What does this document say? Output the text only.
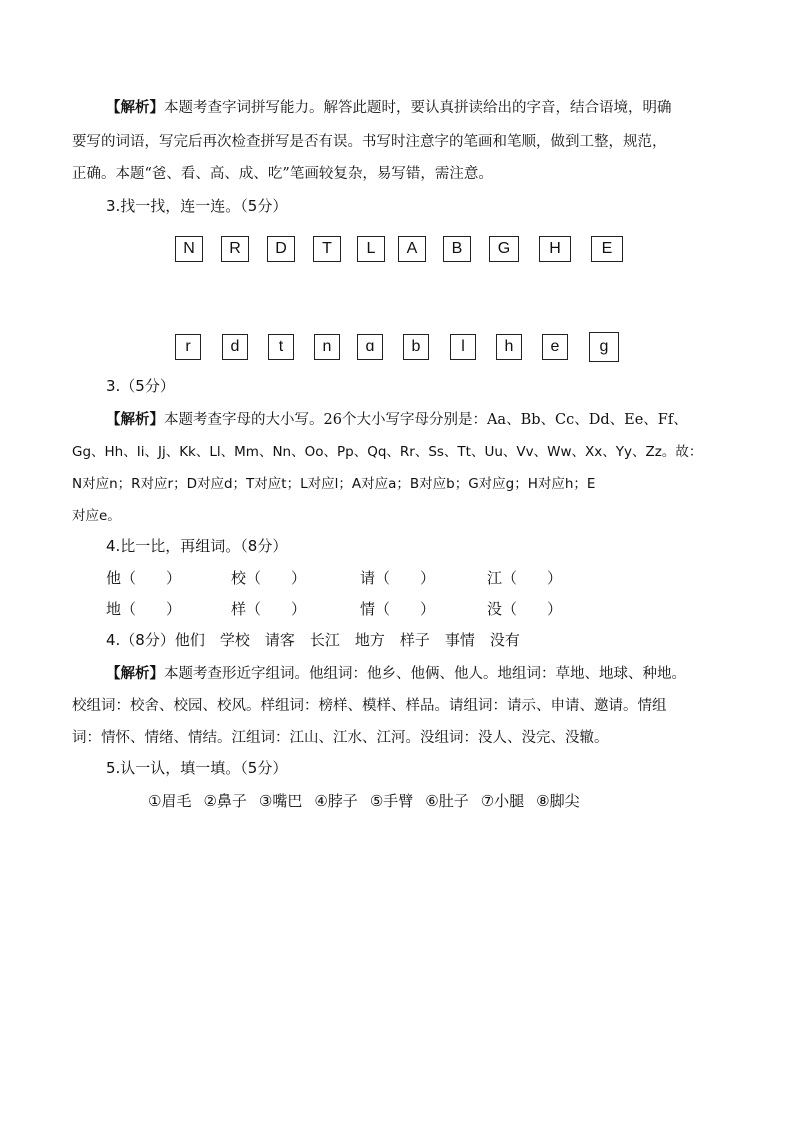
【解析】本题考查字词拼写能力。解答此题时，要认真拼读给出的字音，结合语境，明确
要写的词语，写完后再次检查拼写是否有误。书写时注意字的笔画和笔顺，做到工整，规范，
正确。本题“爸、看、高、成、吃”笔画较复杂，易写错，需注意。
3.找一找，连一连。（5分）
N	R	D	T	L	A	B	G	H	E
r	d	t	n	ɑ	b	l	h	e	g
3.（5分）
【解析】本题考查字母的大小写。26个大小写字母分别是：Aa、Bb、Cc、Dd、Ee、Ff、
Gg、Hh、Ii、Jj、Kk、Ll、Mm、Nn、Oo、Pp、Qq、Rr、Ss、Tt、Uu、Vv、Ww、Xx、Yy、Zz。故：
N对应n；R对应r；D对应d；T对应t；L对应l；A对应a；B对应b；G对应g；H对应h；E
对应e。
4.比一比，再组词。（8分）
他（　　）	校（　　）	请（　　）	江（　　）
地（　　）	样（　　）	情（　　）	没（　　）
4.（8分）他们　学校　请客　长江　地方　样子　事情　没有
【解析】本题考查形近字组词。他组词：他乡、他俩、他人。地组词：草地、地球、种地。
校组词：校舍、校园、校风。样组词：榜样、模样、样品。请组词：请示、申请、邀请。情组
词：情怀、情绪、情结。江组词：江山、江水、江河。没组词：没人、没完、没辙。
5.认一认，填一填。（5分）
①眉毛 ②鼻子 ③嘴巴 ④脖子 ⑤手臂 ⑥肚子 ⑦小腿 ⑧脚尖
